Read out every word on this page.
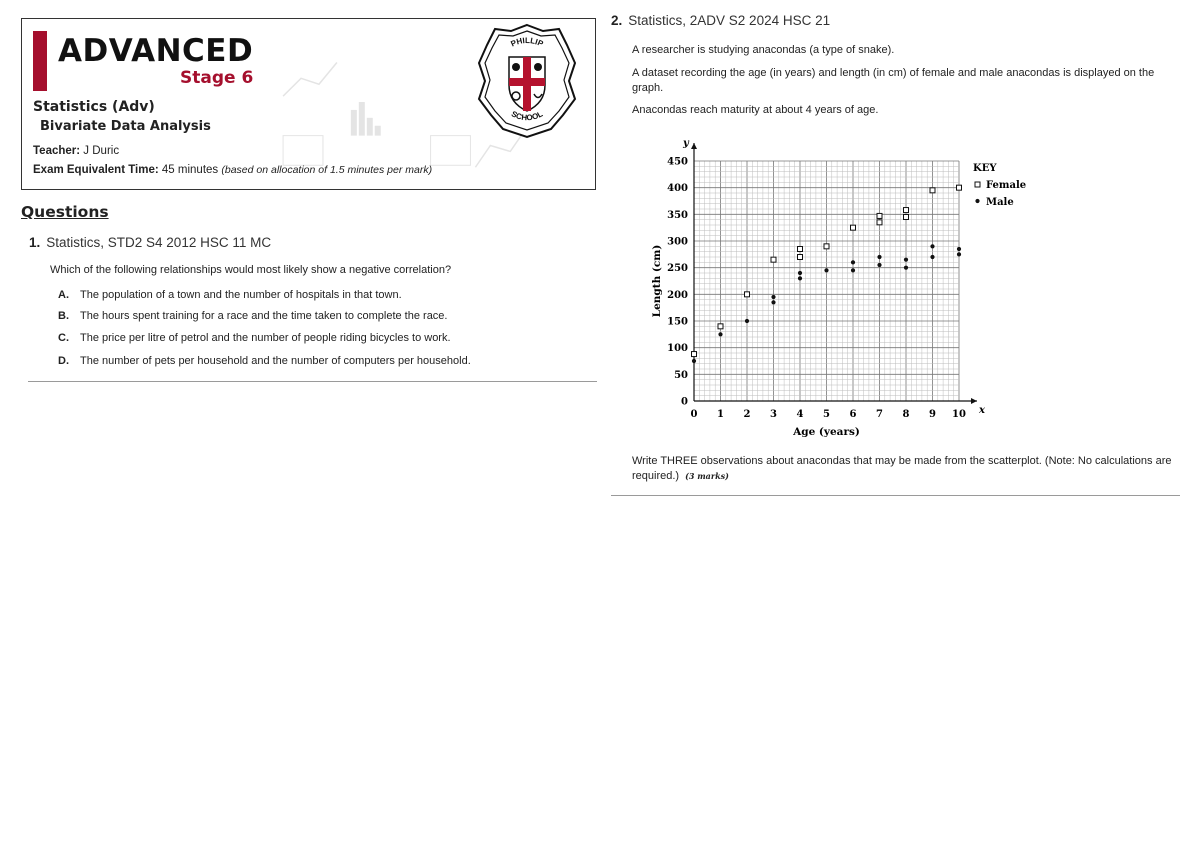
ADVANCED
Stage 6
Statistics (Adv)
Bivariate Data Analysis
Teacher: J Duric
Exam Equivalent Time: 45 minutes (based on allocation of 1.5 minutes per mark)
PHILLIP
SCHOOL
Questions
1. Statistics, STD2 S4 2012 HSC 11 MC
Which of the following relationships would most likely show a negative correlation?
A. The population of a town and the number of hospitals in that town.
B. The hours spent training for a race and the time taken to complete the race.
C. The price per litre of petrol and the number of people riding bicycles to work.
D. The number of pets per household and the number of computers per household.
2. Statistics, 2ADV S2 2024 HSC 21
A researcher is studying anacondas (a type of snake).
A dataset recording the age (in years) and length (in cm) of female and male anacondas is displayed on the graph.
Anacondas reach maturity at about 4 years of age.
x
y
0 1 2 3 4 5 6 7 8 9 10
0
50
100
150
200
250
300
350
400
450
Age (years)
Length (cm)
KEY
Female
Male
Write THREE observations about anacondas that may be made from the scatterplot. (Note: No calculations are required.) (3 marks)
